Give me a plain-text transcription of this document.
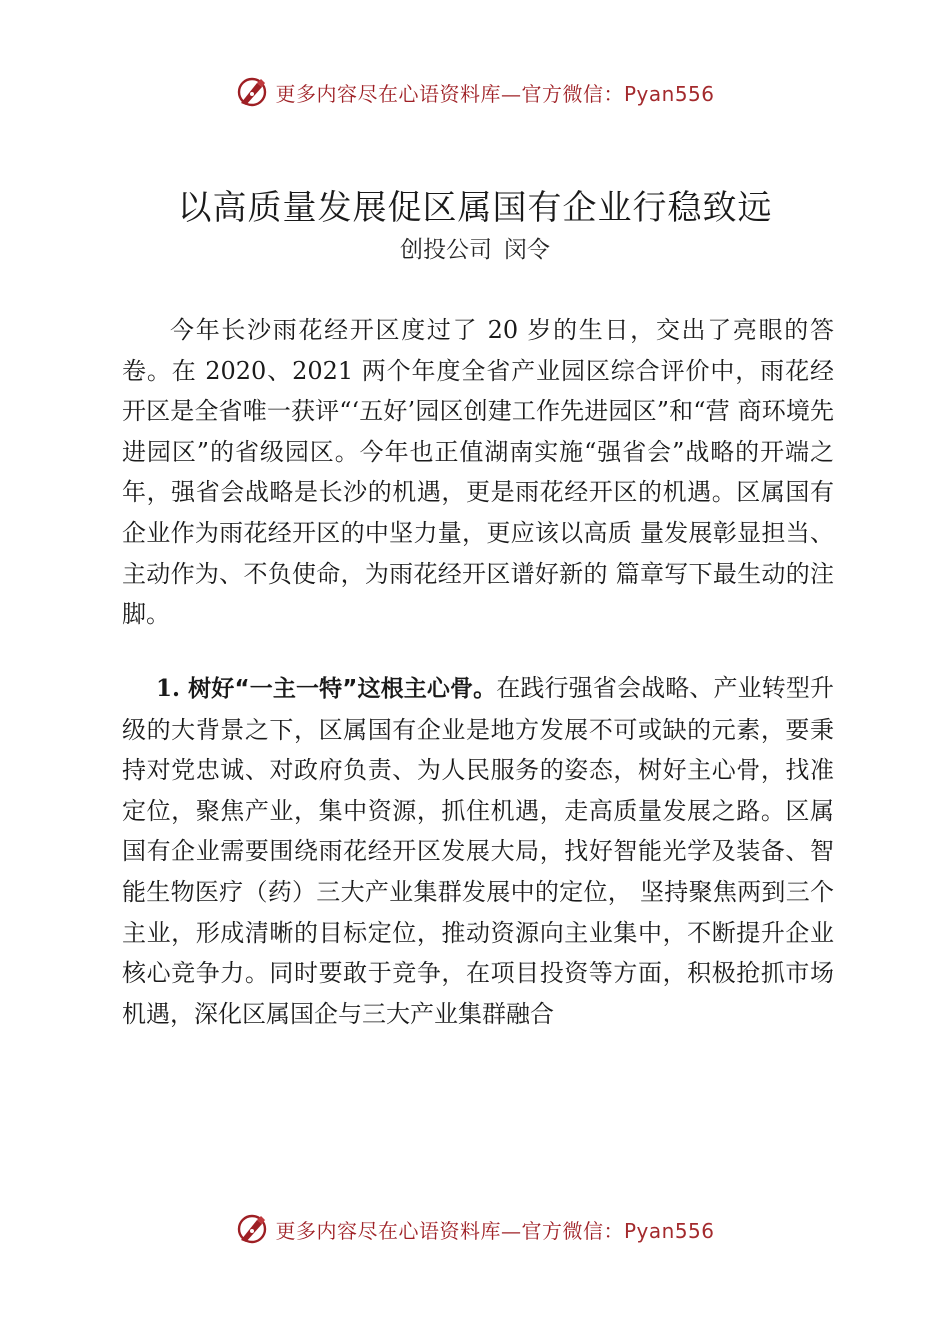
更多内容尽在心语资料库—官方微信：Pyan556
以高质量发展促区属国有企业行稳致远
创投公司 闵令
今年长沙雨花经开区度过了 20 岁的生日，交出了亮眼的答卷。在 2020、2021 两个年度全省产业园区综合评价中，雨花经开区是全省唯一获评“‘五好’园区创建工作先进园区”和“营 商环境先进园区”的省级园区。今年也正值湖南实施“强省会”战略的开端之年，强省会战略是长沙的机遇，更是雨花经开区的机遇。区属国有企业作为雨花经开区的中坚力量，更应该以高质 量发展彰显担当、主动作为、不负使命，为雨花经开区谱好新的 篇章写下最生动的注脚。
1. 树好“一主一特”这根主心骨。在践行强省会战略、产业转型升级的大背景之下，区属国有企业是地方发展不可或缺的元素，要秉持对党忠诚、对政府负责、为人民服务的姿态，树好主心骨，找准定位，聚焦产业，集中资源，抓住机遇，走高质量发展之路。区属国有企业需要围绕雨花经开区发展大局，找好智能光学及装备、智能生物医疗（药）三大产业集群发展中的定位， 坚持聚焦两到三个主业，形成清晰的目标定位，推动资源向主业集中，不断提升企业核心竞争力。同时要敢于竞争，在项目投资等方面，积极抢抓市场机遇，深化区属国企与三大产业集群融合
更多内容尽在心语资料库—官方微信：Pyan556
